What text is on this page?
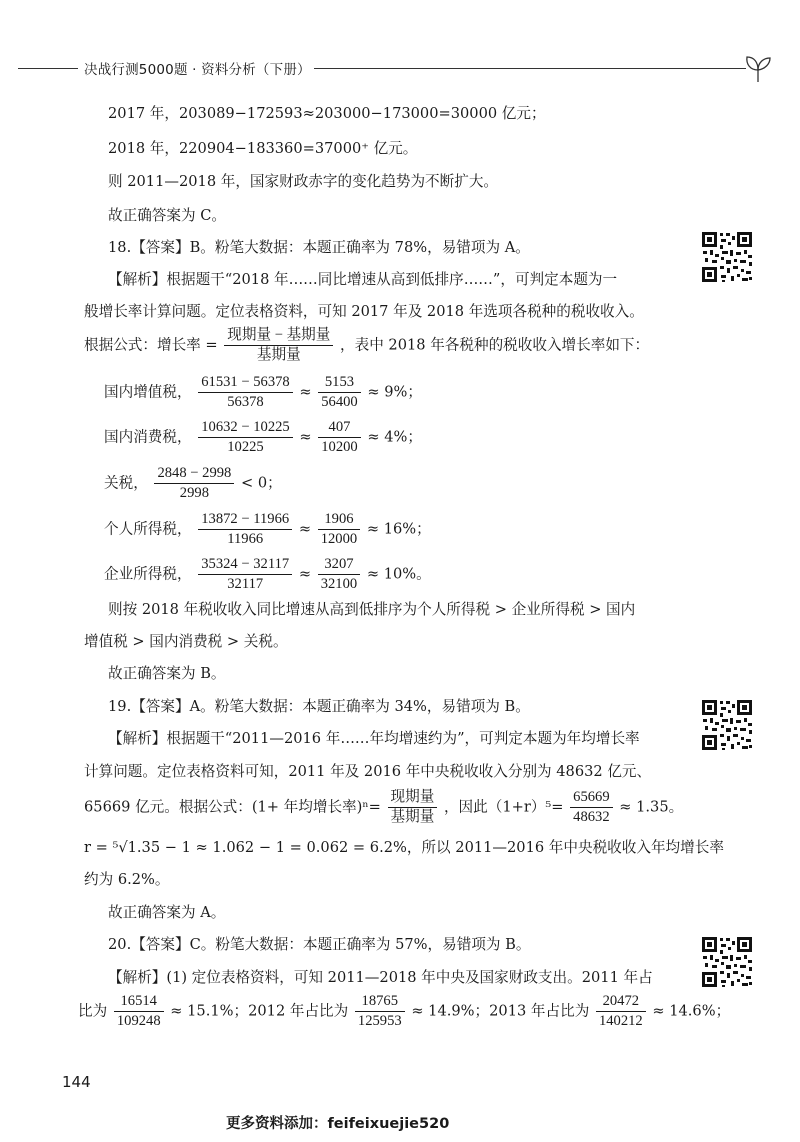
决战行测5000题 · 资料分析（下册）
2017 年，203089−172593≈203000−173000=30000 亿元；
2018 年，220904−183360=37000⁺ 亿元。
则 2011—2018 年，国家财政赤字的变化趋势为不断扩大。
故正确答案为 C。
18.【答案】B。粉笔大数据：本题正确率为 78%，易错项为 A。
【解析】根据题干“2018 年……同比增速从高到低排序……”，可判定本题为一
般增长率计算问题。定位表格资料，可知 2017 年及 2018 年选项各税种的税收收入。
根据公式：增长率 = $\frac{\text{现期量 − 基期量}}{\text{基期量}}$ ，表中 2018 年各税种的税收收入增长率如下：
国内增值税， $\frac{61531 - 56378}{56378} \approx \frac{5153}{56400} \approx 9\%$；
国内消费税， $\frac{10632 - 10225}{10225} \approx \frac{407}{10200} \approx 4\%$；
关税， $\frac{2848 - 2998}{2998} < 0$；
个人所得税， $\frac{13872 - 11966}{11966} \approx \frac{1906}{12000} \approx 16\%$；
企业所得税， $\frac{35324 - 32117}{32117} \approx \frac{3207}{32100} \approx 10\%$。
则按 2018 年税收收入同比增速从高到低排序为个人所得税 > 企业所得税 > 国内
增值税 > 国内消费税 > 关税。
故正确答案为 B。
19.【答案】A。粉笔大数据：本题正确率为 34%，易错项为 B。
【解析】根据题干“2011—2016 年……年均增速约为”，可判定本题为年均增长率
计算问题。定位表格资料可知，2011 年及 2016 年中央税收收入分别为 48632 亿元、
65669 亿元。根据公式：(1+ 年均增长率)$^n= \frac{\text{现期量}}{\text{基期量}}$ ，因此$(1+r)^5= \frac{65669}{48632} \approx 1.35$。
r = ⁵√1.35 − 1 ≈ 1.062 − 1 = 0.062 = 6.2%，所以 2011—2016 年中央税收收入年均增长率
约为 6.2%。
故正确答案为 A。
20.【答案】C。粉笔大数据：本题正确率为 57%，易错项为 B。
【解析】(1) 定位表格资料，可知 2011—2018 年中央及国家财政支出。2011 年占
比为 $\frac{16514}{109248} \approx 15.1\%$；2012 年占比为 $\frac{18765}{125953} \approx 14.9\%$；2013 年占比为 $\frac{20472}{140212} \approx 14.6\%$；
144
更多资料添加：feifeixuejie520
